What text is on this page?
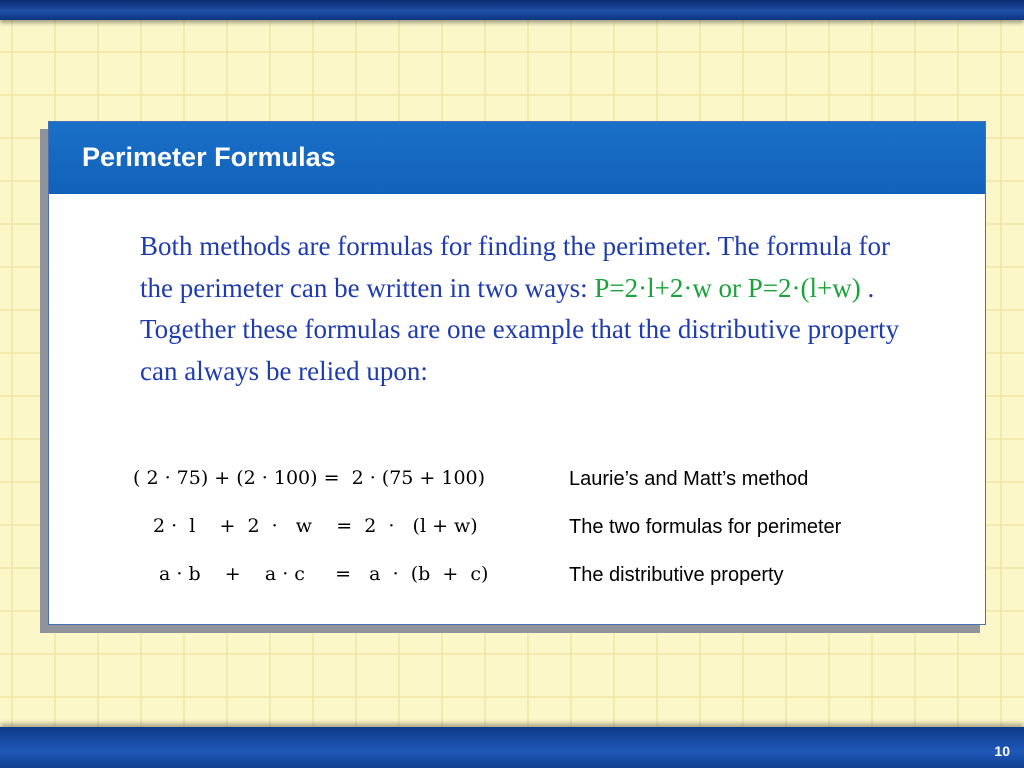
Perimeter Formulas
Both methods are formulas for finding the perimeter. The formula for the perimeter can be written in two ways: P=2·l+2·w or P=2·(l+w) . Together these formulas are one example that the distributive property can always be relied upon:
( 2 · 75) + (2 · 100) =  2 · (75 + 100)	Laurie’s and Matt’s method
2 ·  l    +  2  ·   w    =  2  ·   (l + w)	The two formulas for perimeter
a · b    +    a · c     =   a  ·  (b  +  c)	The distributive property
10
